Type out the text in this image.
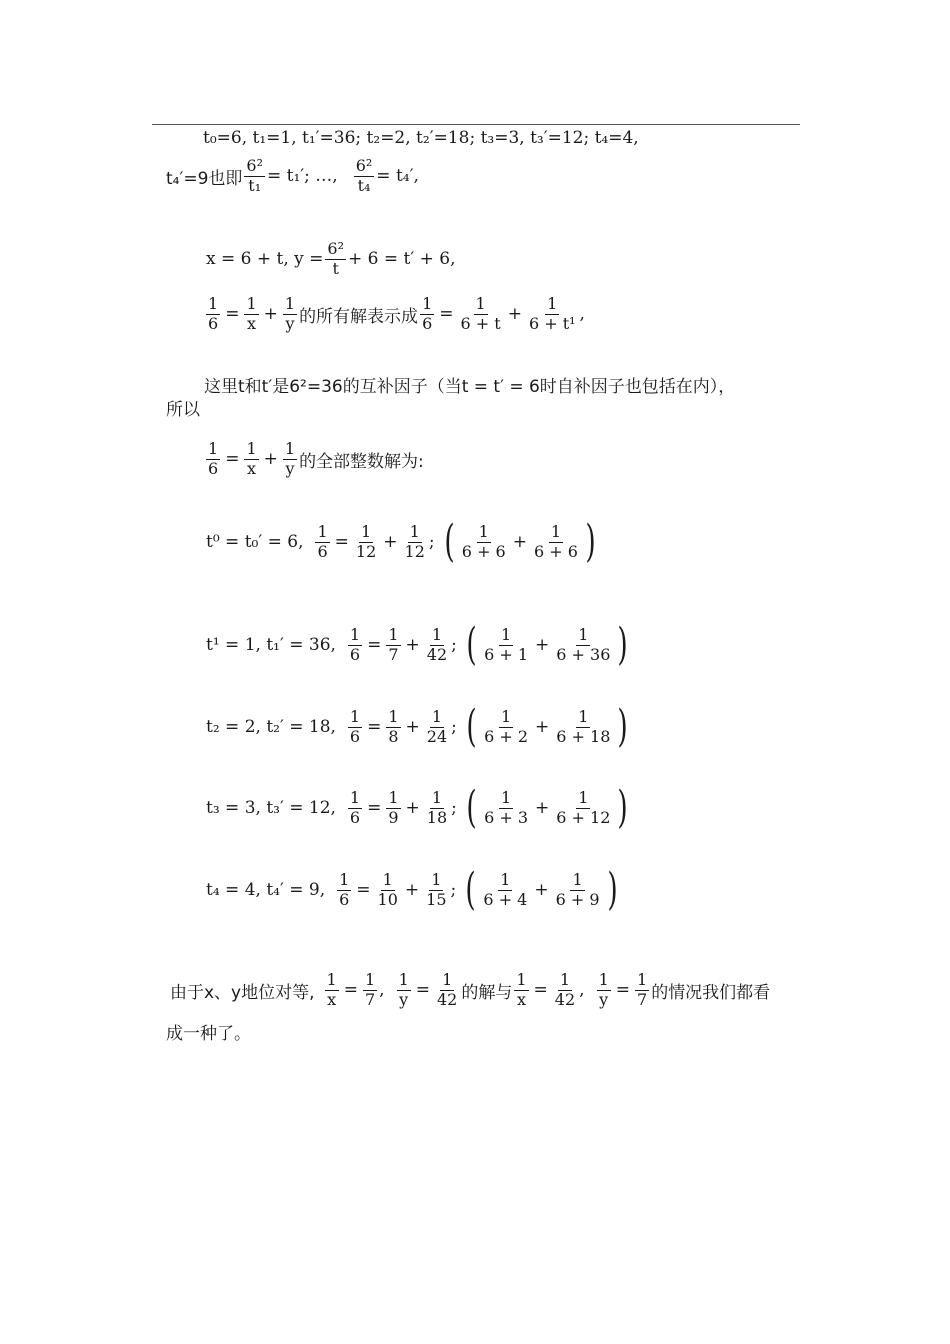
t₀=6, t₁=1, t₁′=36; t₂=2, t₂′=18; t₃=3, t₃′=12; t₄=4,
t₄′=9也即 $\frac{\text{6²}}{\text{t₁}} = t_1'$; …, $\frac{\text{6²}}{\text{t₄}} = t_4'$,
x = 6 + t, $y = \frac{\text{6²}}{t} + 6 = t' + 6$,
$\frac{1}{6} = \frac{1}{x} + \frac{1}{y}$ 的所有解表示成 $\frac{1}{6} = \frac{1}{6 + t} + \frac{1}{\text{6 + t¹}}$ ,
这里t和t′是6²=36的互补因子（当t = t′ = 6时自补因子也包括在内），
所以
$\frac{1}{6} = \frac{1}{x} + \frac{1}{y}$ 的全部整数解为:
t⁰ = t₀′ = 6, $\frac{1}{6} = \frac{1}{12} + \frac{1}{12}$ ; ( $\frac{1}{6 + 6} + \frac{1}{6 + 6}$ )
t¹ = 1, t₁′ = 36, $\frac{1}{6} = \frac{1}{7} + \frac{1}{42}$ ; ( $\frac{1}{6 + 1} + \frac{1}{6 + 36}$ )
t₂ = 2, t₂′ = 18, $\frac{1}{6} = \frac{1}{8} + \frac{1}{24}$ ; ( $\frac{1}{6 + 2} + \frac{1}{6 + 18}$ )
t₃ = 3, t₃′ = 12, $\frac{1}{6} = \frac{1}{9} + \frac{1}{18}$ ; ( $\frac{1}{6 + 3} + \frac{1}{6 + 12}$ )
t₄ = 4, t₄′ = 9, $\frac{1}{6} = \frac{1}{10} + \frac{1}{15}$ ; ( $\frac{1}{6 + 4} + \frac{1}{6 + 9}$ )
由于x、y地位对等, $\frac{1}{x} = \frac{1}{7}$ , $\frac{1}{y} = \frac{1}{42}$ 的解与 $\frac{1}{x} = \frac{1}{42}$ , $\frac{1}{y} = \frac{1}{7}$ 的情况我们都看
成一种了。
